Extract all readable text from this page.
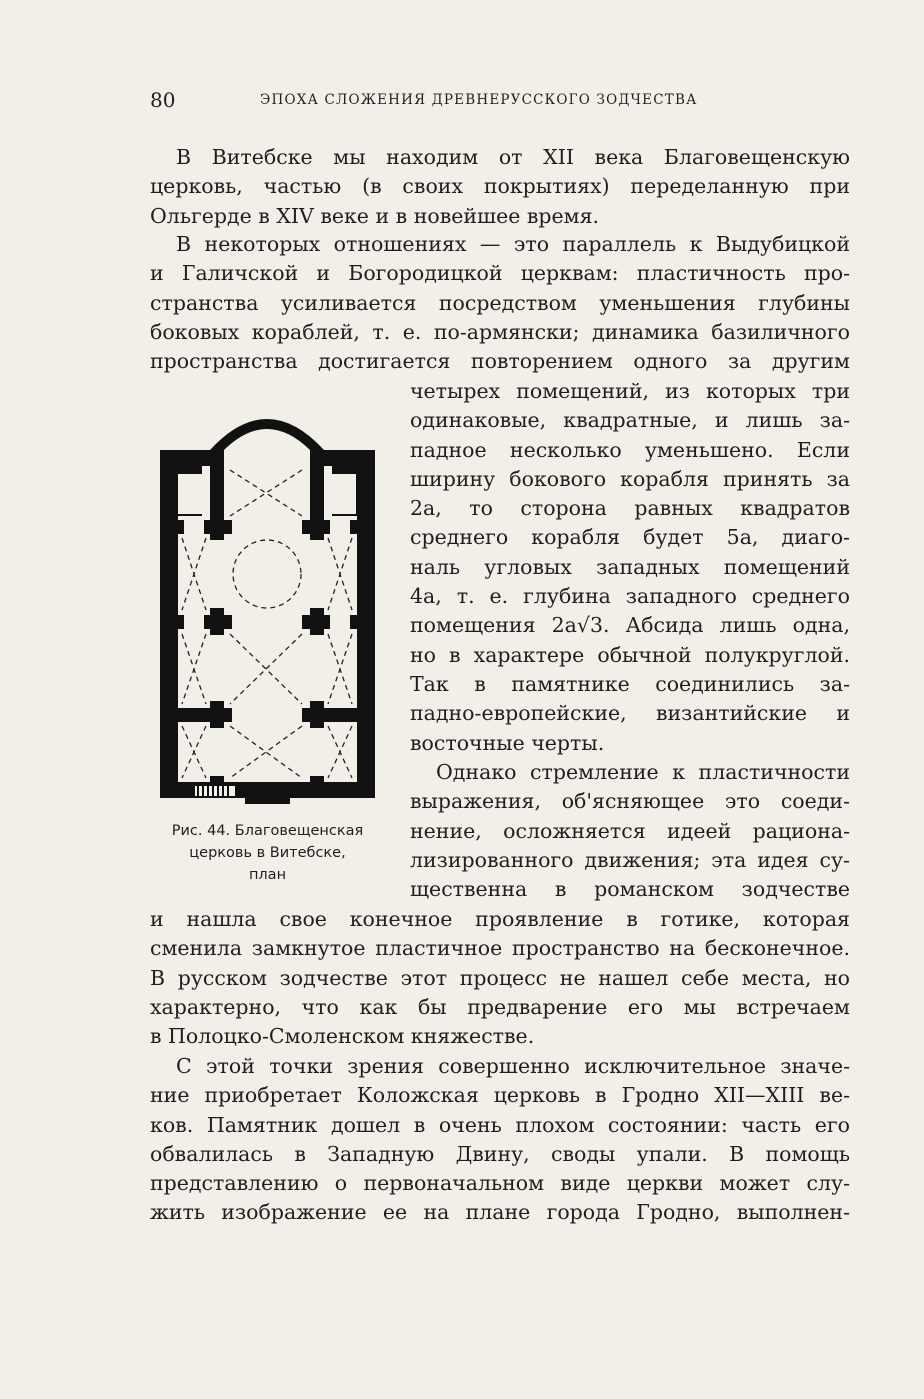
80	ЭПОХА СЛОЖЕНИЯ ДРЕВНЕРУССКОГО ЗОДЧЕСТВА
В Витебске мы находим от XII века Благовещенскую
церковь, частью (в своих покрытиях) переделанную при
Ольгерде в XIV веке и в новейшее время.
В некоторых отношениях — это параллель к Выдубицкой
и Галичской и Богородицкой церквам: пластичность про-
странства усиливается посредством уменьшения глубины
боковых кораблей, т. е. по-армянски; динамика базиличного
пространства достигается повторением одного за другим
четырех помещений, из которых три
одинаковые, квадратные, и лишь за-
падное несколько уменьшено. Если
ширину бокового корабля принять за
2a, то сторона равных квадратов
среднего корабля будет 5a, диаго-
наль угловых западных помещений
4a, т. е. глубина западного среднего
помещения 2a√3. Абсида лишь одна,
но в характере обычной полукруглой.
Так в памятнике соединились за-
падно-европейские, византийские и
восточные черты.
Однако стремление к пластичности
выражения, об'ясняющее это соеди-
нение, осложняется идеей рациона-
лизированного движения; эта идея су-
щественна в романском зодчестве
и нашла свое конечное проявление в готике, которая
сменила замкнутое пластичное пространство на бесконечное.
В русском зодчестве этот процесс не нашел себе места, но
характерно, что как бы предварение его мы встречаем
в Полоцко-Смоленском княжестве.
С этой точки зрения совершенно исключительное значе-
ние приобретает Коложская церковь в Гродно XII—XIII ве-
ков. Памятник дошел в очень плохом состоянии: часть его
обвалилась в Западную Двину, своды упали. В помощь
представлению о первоначальном виде церкви может слу-
жить изображение ее на плане города Гродно, выполнен-
Рис. 44. Благовещенская
церковь в Витебске,
план
